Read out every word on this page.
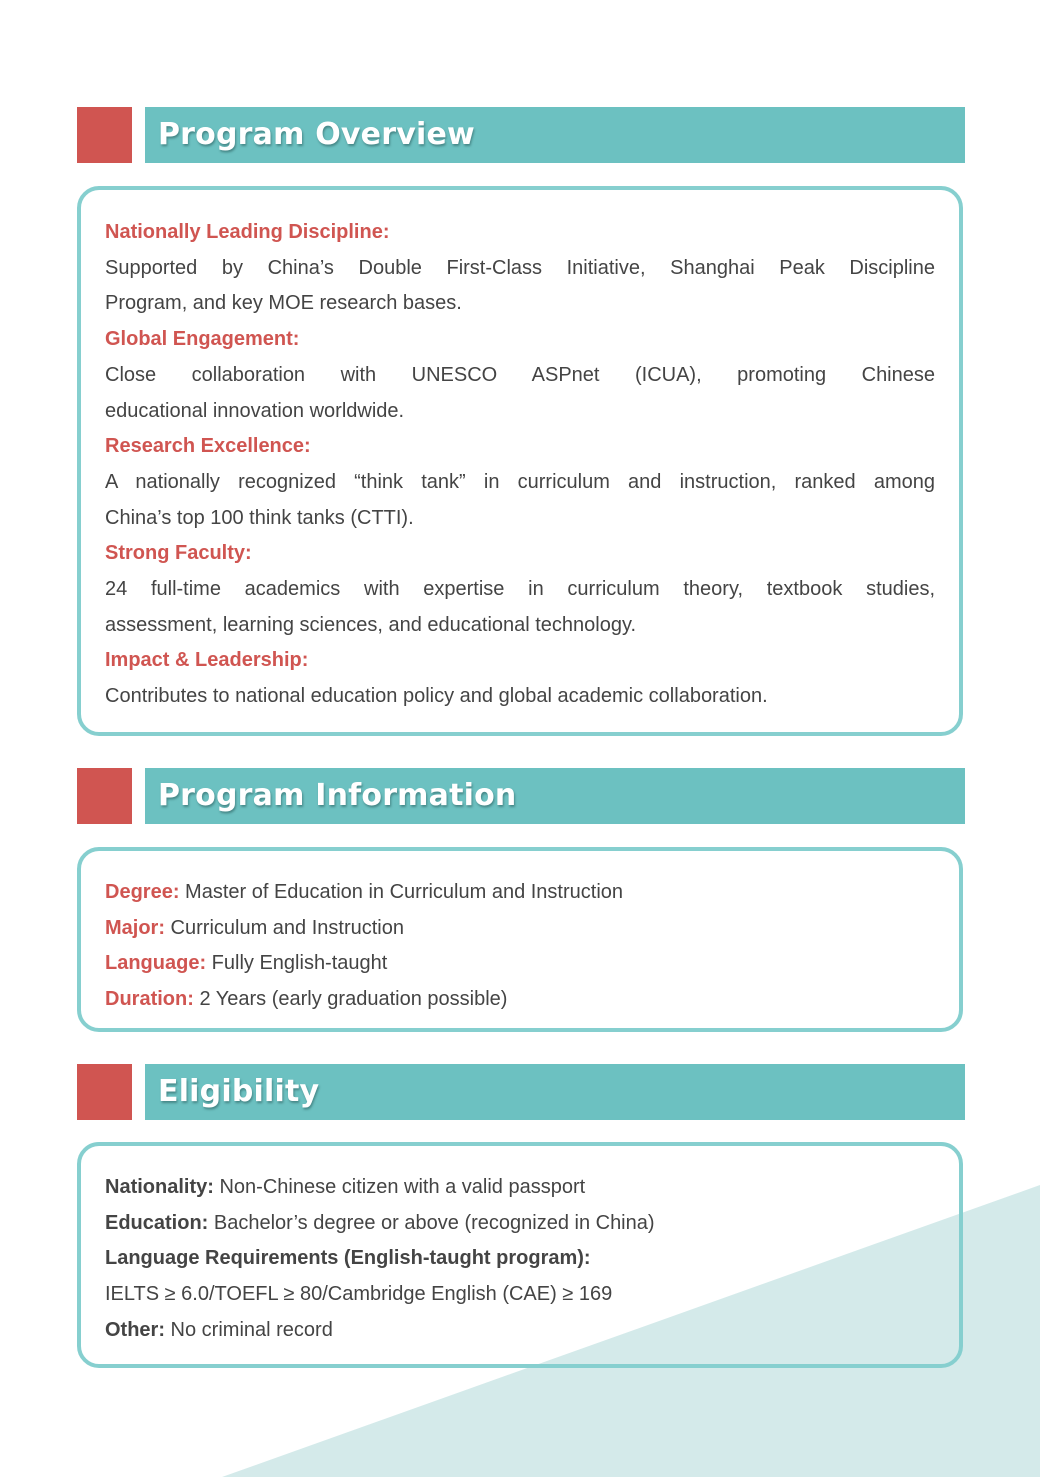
Program Overview
Nationally Leading Discipline:
Supported by China’s Double First-Class Initiative, Shanghai Peak Discipline
Program, and key MOE research bases.
Global Engagement:
Close collaboration with UNESCO ASPnet (ICUA), promoting Chinese
educational innovation worldwide.
Research Excellence:
A nationally recognized “think tank” in curriculum and instruction, ranked among
China’s top 100 think tanks (CTTI).
Strong Faculty:
24 full-time academics with expertise in curriculum theory, textbook studies,
assessment, learning sciences, and educational technology.
Impact & Leadership:
Contributes to national education policy and global academic collaboration.
Program Information
Degree: Master of Education in Curriculum and Instruction
Major: Curriculum and Instruction
Language: Fully English-taught
Duration: 2 Years (early graduation possible)
Eligibility
Nationality: Non-Chinese citizen with a valid passport
Education: Bachelor’s degree or above (recognized in China)
Language Requirements (English-taught program):
IELTS ≥ 6.0/TOEFL ≥ 80/Cambridge English (CAE) ≥ 169
Other: No criminal record
